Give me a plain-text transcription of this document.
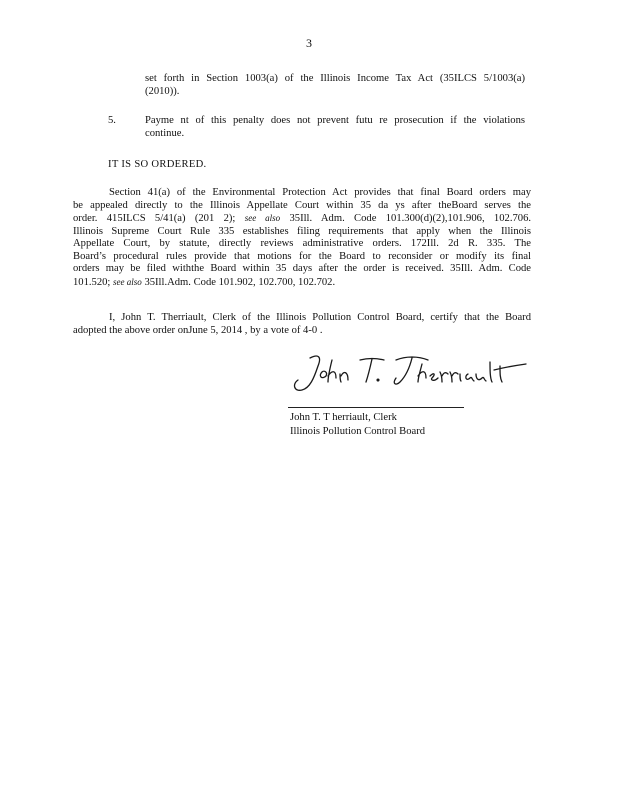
3
set forth in Section 1003(a) of the Illinois Income Tax Act (35ILCS 5/1003(a)
(2010)).
5.	Payme nt of this penalty does not prevent futu re prosecution if the violations
continue.
IT IS SO ORDERED.
Section 41(a) of the Environmental Protection Act provides that final Board orders may
be appealed directly to the Illinois Appellate Court within 35 da ys after theBoard serves the
order. 415ILCS 5/41(a) (201 2); see also 35Ill. Adm. Code 101.300(d)(2),101.906, 102.706.
Illinois Supreme Court Rule 335 establishes filing requirements that apply when the Illinois
Appellate Court, by statute, directly reviews administrative orders. 172Ill. 2d R. 335. The
Board’s procedural rules provide that motions for the Board to reconsider or modify its final
orders may be filed withthe Board within 35 days after the order is received. 35Ill. Adm. Code
101.520; see also 35Ill.Adm. Code 101.902, 102.700, 102.702.
I, John T. Therriault, Clerk of the Illinois Pollution Control Board, certify that the Board
adopted the above order onJune 5, 2014 , by a vote of 4-0 .
John T. T herriault, Clerk
Illinois Pollution Control Board
